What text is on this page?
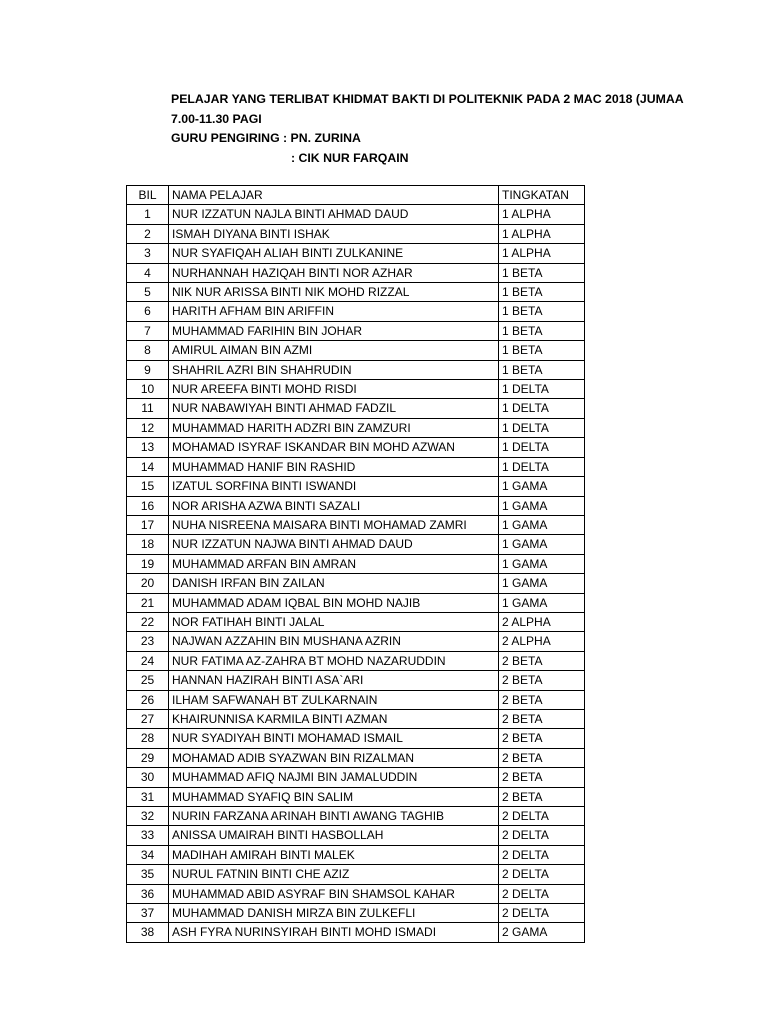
PELAJAR YANG TERLIBAT KHIDMAT BAKTI DI POLITEKNIK PADA 2 MAC 2018 (JUMAA
7.00-11.30 PAGI
GURU PENGIRING : PN. ZURINA
: CIK NUR FARQAIN
BIL	NAMA PELAJAR	TINGKATAN
1	NUR IZZATUN NAJLA BINTI AHMAD DAUD	1 ALPHA
2	ISMAH DIYANA BINTI ISHAK	1 ALPHA
3	NUR SYAFIQAH ALIAH BINTI ZULKANINE	1 ALPHA
4	NURHANNAH HAZIQAH BINTI NOR AZHAR	1 BETA
5	NIK NUR ARISSA BINTI NIK MOHD RIZZAL	1 BETA
6	HARITH AFHAM BIN ARIFFIN	1 BETA
7	MUHAMMAD FARIHIN BIN JOHAR	1 BETA
8	AMIRUL AIMAN BIN AZMI	1 BETA
9	SHAHRIL AZRI BIN SHAHRUDIN	1 BETA
10	NUR AREEFA BINTI MOHD RISDI	1 DELTA
11	NUR NABAWIYAH BINTI AHMAD FADZIL	1 DELTA
12	MUHAMMAD HARITH ADZRI BIN ZAMZURI	1 DELTA
13	MOHAMAD ISYRAF ISKANDAR BIN MOHD AZWAN	1 DELTA
14	MUHAMMAD HANIF BIN RASHID	1 DELTA
15	IZATUL SORFINA BINTI ISWANDI	1 GAMA
16	NOR ARISHA AZWA BINTI SAZALI	1 GAMA
17	NUHA NISREENA MAISARA BINTI MOHAMAD ZAMRI	1 GAMA
18	NUR IZZATUN NAJWA BINTI AHMAD DAUD	1 GAMA
19	MUHAMMAD ARFAN BIN AMRAN	1 GAMA
20	DANISH IRFAN BIN ZAILAN	1 GAMA
21	MUHAMMAD ADAM IQBAL BIN MOHD NAJIB	1 GAMA
22	NOR FATIHAH BINTI JALAL	2 ALPHA
23	NAJWAN AZZAHIN BIN MUSHANA AZRIN	2 ALPHA
24	NUR FATIMA AZ-ZAHRA BT MOHD NAZARUDDIN	2 BETA
25	HANNAN HAZIRAH BINTI ASA`ARI	2 BETA
26	ILHAM SAFWANAH BT ZULKARNAIN	2 BETA
27	KHAIRUNNISA KARMILA BINTI AZMAN	2 BETA
28	NUR SYADIYAH BINTI MOHAMAD ISMAIL	2 BETA
29	MOHAMAD ADIB SYAZWAN BIN RIZALMAN	2 BETA
30	MUHAMMAD AFIQ NAJMI BIN JAMALUDDIN	2 BETA
31	MUHAMMAD SYAFIQ BIN SALIM	2 BETA
32	NURIN FARZANA ARINAH BINTI AWANG TAGHIB	2 DELTA
33	ANISSA UMAIRAH BINTI HASBOLLAH	2 DELTA
34	MADIHAH AMIRAH BINTI MALEK	2 DELTA
35	NURUL FATNIN BINTI CHE AZIZ	2 DELTA
36	MUHAMMAD ABID ASYRAF BIN SHAMSOL KAHAR	2 DELTA
37	MUHAMMAD DANISH MIRZA BIN ZULKEFLI	2 DELTA
38	ASH FYRA NURINSYIRAH BINTI MOHD ISMADI	2 GAMA
